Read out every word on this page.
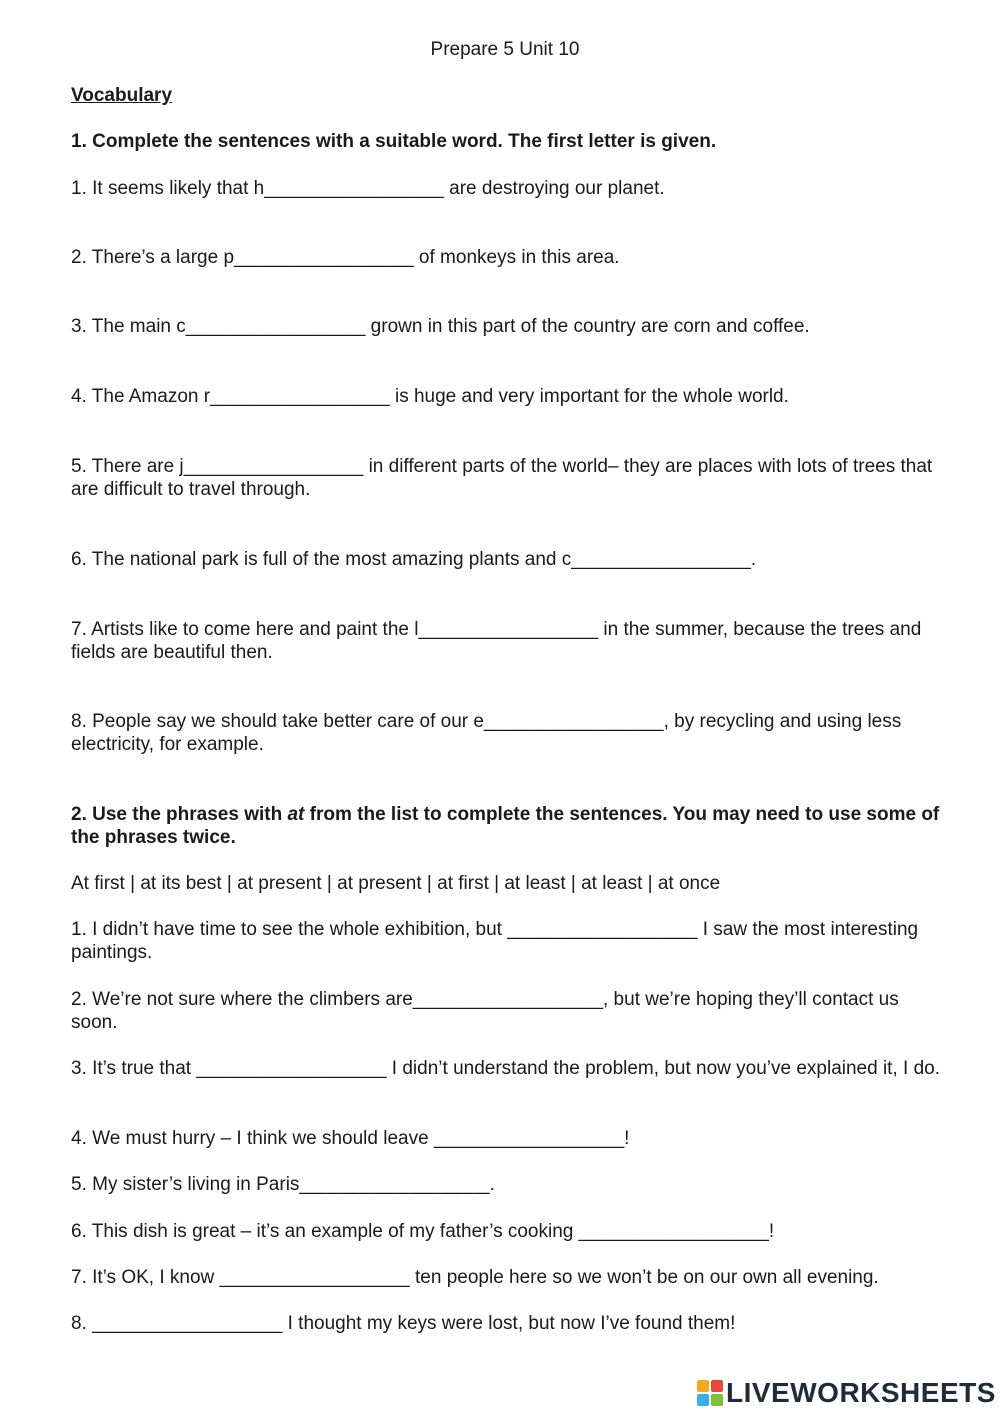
Prepare 5 Unit 10
Vocabulary
1. Complete the sentences with a suitable word. The first letter is given.
1. It seems likely that h_________________ are destroying our planet.
2. There’s a large p_________________ of monkeys in this area.
3. The main c_________________ grown in this part of the country are corn and coffee.
4. The Amazon r_________________ is huge and very important for the whole world.
5. There are j_________________ in different parts of the world– they are places with lots of trees that are difficult to travel through.
6. The national park is full of the most amazing plants and c_________________.
7. Artists like to come here and paint the l_________________ in the summer, because the trees and fields are beautiful then.
8. People say we should take better care of our e_________________, by recycling and using less electricity, for example.
2. Use the phrases with at from the list to complete the sentences. You may need to use some of the phrases twice.
At first | at its best | at present | at present | at first | at least | at least | at once
1. I didn’t have time to see the whole exhibition, but __________________ I saw the most interesting paintings.
2. We’re not sure where the climbers are__________________, but we’re hoping they’ll contact us soon.
3. It’s true that __________________ I didn’t understand the problem, but now you’ve explained it, I do.
4. We must hurry – I think we should leave __________________!
5. My sister’s living in Paris__________________.
6. This dish is great – it’s an example of my father’s cooking __________________!
7. It’s OK, I know __________________ ten people here so we won’t be on our own all evening.
8. __________________ I thought my keys were lost, but now I’ve found them!
LIVEWORKSHEETS
